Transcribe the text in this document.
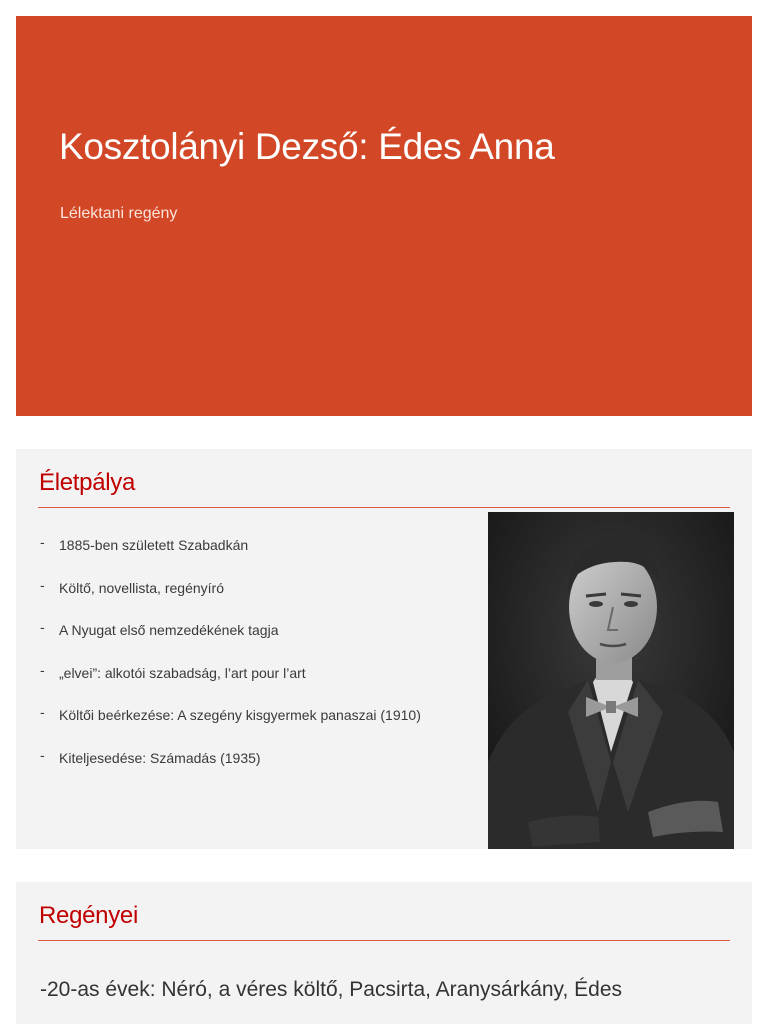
Kosztolányi Dezső: Édes Anna

Lélektani regény

Életpálya
- 1885-ben született Szabadkán
- Költő, novellista, regényíró
- A Nyugat első nemzedékének tagja
- „elvei”: alkotói szabadság, l’art pour l’art
- Költői beérkezése: A szegény kisgyermek panaszai (1910)
- Kiteljesedése: Számadás (1935)
Regényei

-20-as évek: Néró, a véres költő, Pacsirta, Aranysárkány, Édes
